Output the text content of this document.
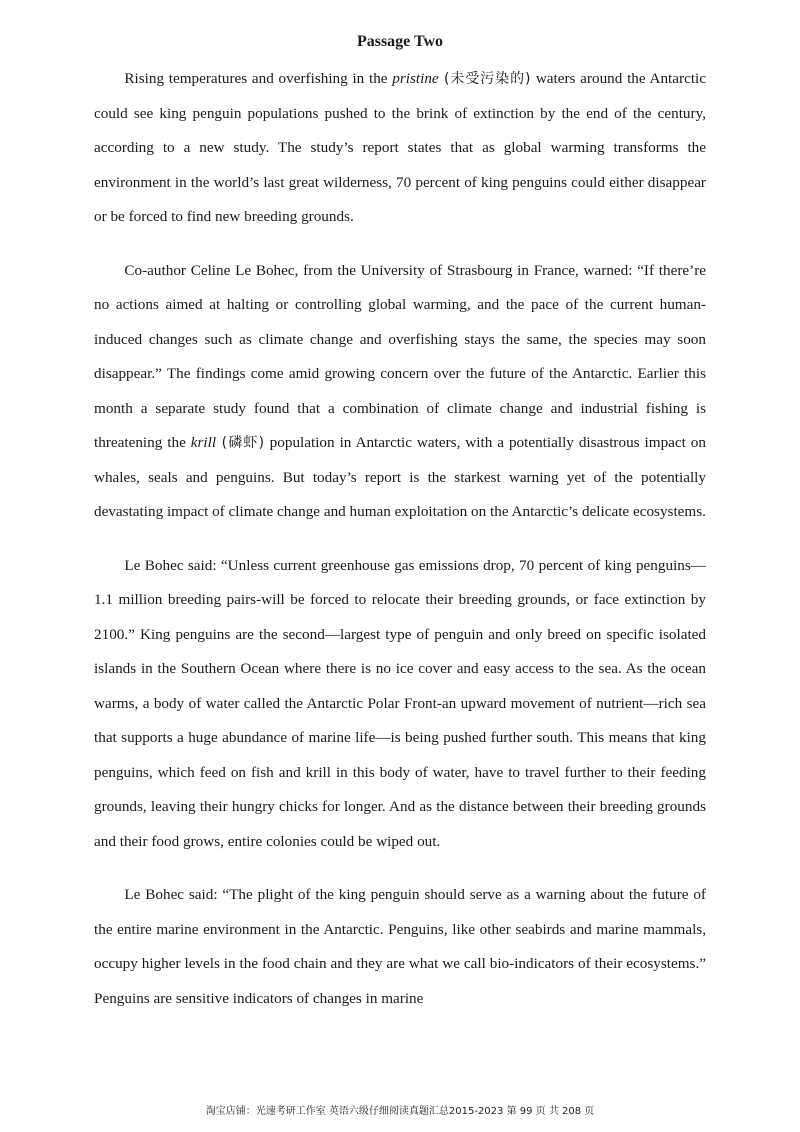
Passage Two

Rising temperatures and overfishing in the pristine (未受污染的) waters around the Antarctic could see king penguin populations pushed to the brink of extinction by the end of the century, according to a new study. The study’s report states that as global warming transforms the environment in the world’s last great wilderness, 70 percent of king penguins could either disappear or be forced to find new breeding grounds.

Co-author Celine Le Bohec, from the University of Strasbourg in France, warned: “If there’re no actions aimed at halting or controlling global warming, and the pace of the current human-induced changes such as climate change and overfishing stays the same, the species may soon disappear.” The findings come amid growing concern over the future of the Antarctic. Earlier this month a separate study found that a combination of climate change and industrial fishing is threatening the krill (磷虾) population in Antarctic waters, with a potentially disastrous impact on whales, seals and penguins. But today’s report is the starkest warning yet of the potentially devastating impact of climate change and human exploitation on the Antarctic’s delicate ecosystems.

Le Bohec said: “Unless current greenhouse gas emissions drop, 70 percent of king penguins—1.1 million breeding pairs-will be forced to relocate their breeding grounds, or face extinction by 2100.” King penguins are the second—largest type of penguin and only breed on specific isolated islands in the Southern Ocean where there is no ice cover and easy access to the sea. As the ocean warms, a body of water called the Antarctic Polar Front-an upward movement of nutrient—rich sea that supports a huge abundance of marine life—is being pushed further south. This means that king penguins, which feed on fish and krill in this body of water, have to travel further to their feeding grounds, leaving their hungry chicks for longer. And as the distance between their breeding grounds and their food grows, entire colonies could be wiped out.

Le Bohec said: “The plight of the king penguin should serve as a warning about the future of the entire marine environment in the Antarctic. Penguins, like other seabirds and marine mammals, occupy higher levels in the food chain and they are what we call bio-indicators of their ecosystems.” Penguins are sensitive indicators of changes in marine

淘宝店铺：光速考研工作室 英语六级仔细阅读真题汇总2015-2023 第 99 页 共 208 页
